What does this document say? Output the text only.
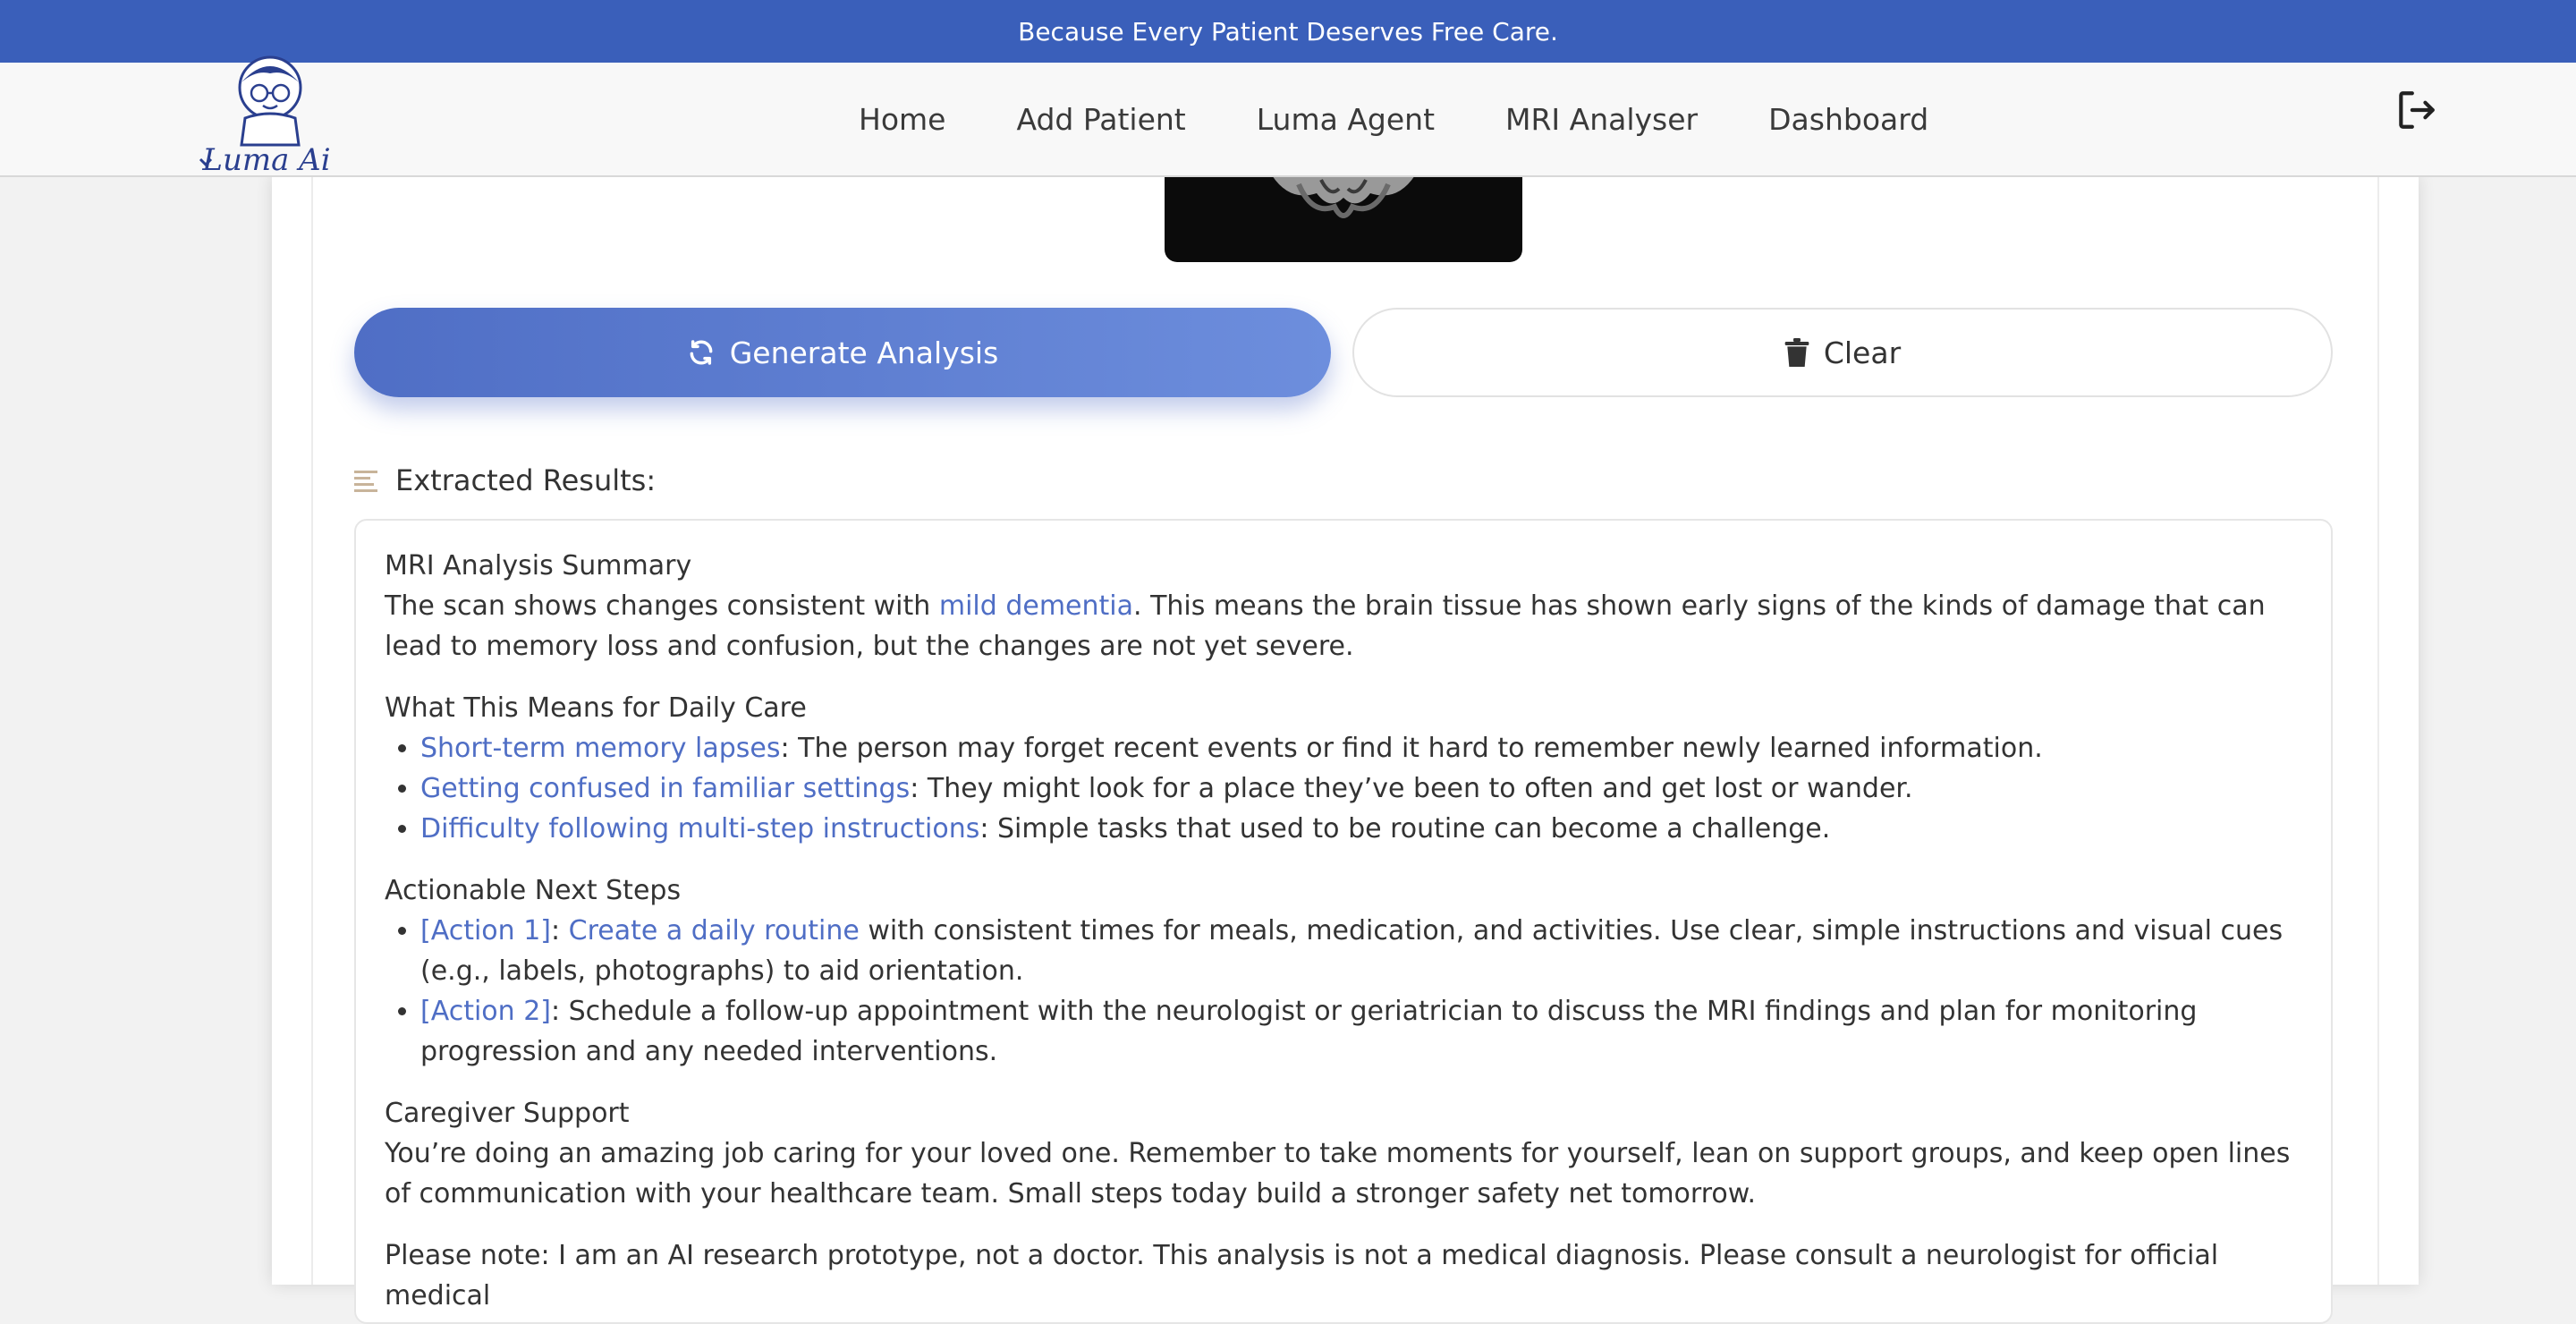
Because Every Patient Deserves Free Care.
Home Add Patient Luma Agent MRI Analyser Dashboard
Luma Ai
Generate Analysis	Clear
Extracted Results:
MRI Analysis Summary

The scan shows changes consistent with mild dementia. This means the brain tissue has shown early signs of the kinds of damage that can lead to memory loss and confusion, but the changes are not yet severe.

What This Means for Daily Care
• Short-term memory lapses: The person may forget recent events or find it hard to remember newly learned information.
• Getting confused in familiar settings: They might look for a place they’ve been to often and get lost or wander.
• Difficulty following multi-step instructions: Simple tasks that used to be routine can become a challenge.
Actionable Next Steps
• [Action 1]: Create a daily routine with consistent times for meals, medication, and activities. Use clear, simple instructions and visual cues (e.g., labels, photographs) to aid orientation.
• [Action 2]: Schedule a follow-up appointment with the neurologist or geriatrician to discuss the MRI findings and plan for monitoring progression and any needed interventions.
Caregiver Support

You’re doing an amazing job caring for your loved one. Remember to take moments for yourself, lean on support groups, and keep open lines of communication with your healthcare team. Small steps today build a stronger safety net tomorrow.

Please note: I am an AI research prototype, not a doctor. This analysis is not a medical diagnosis. Please consult a neurologist for official medical
